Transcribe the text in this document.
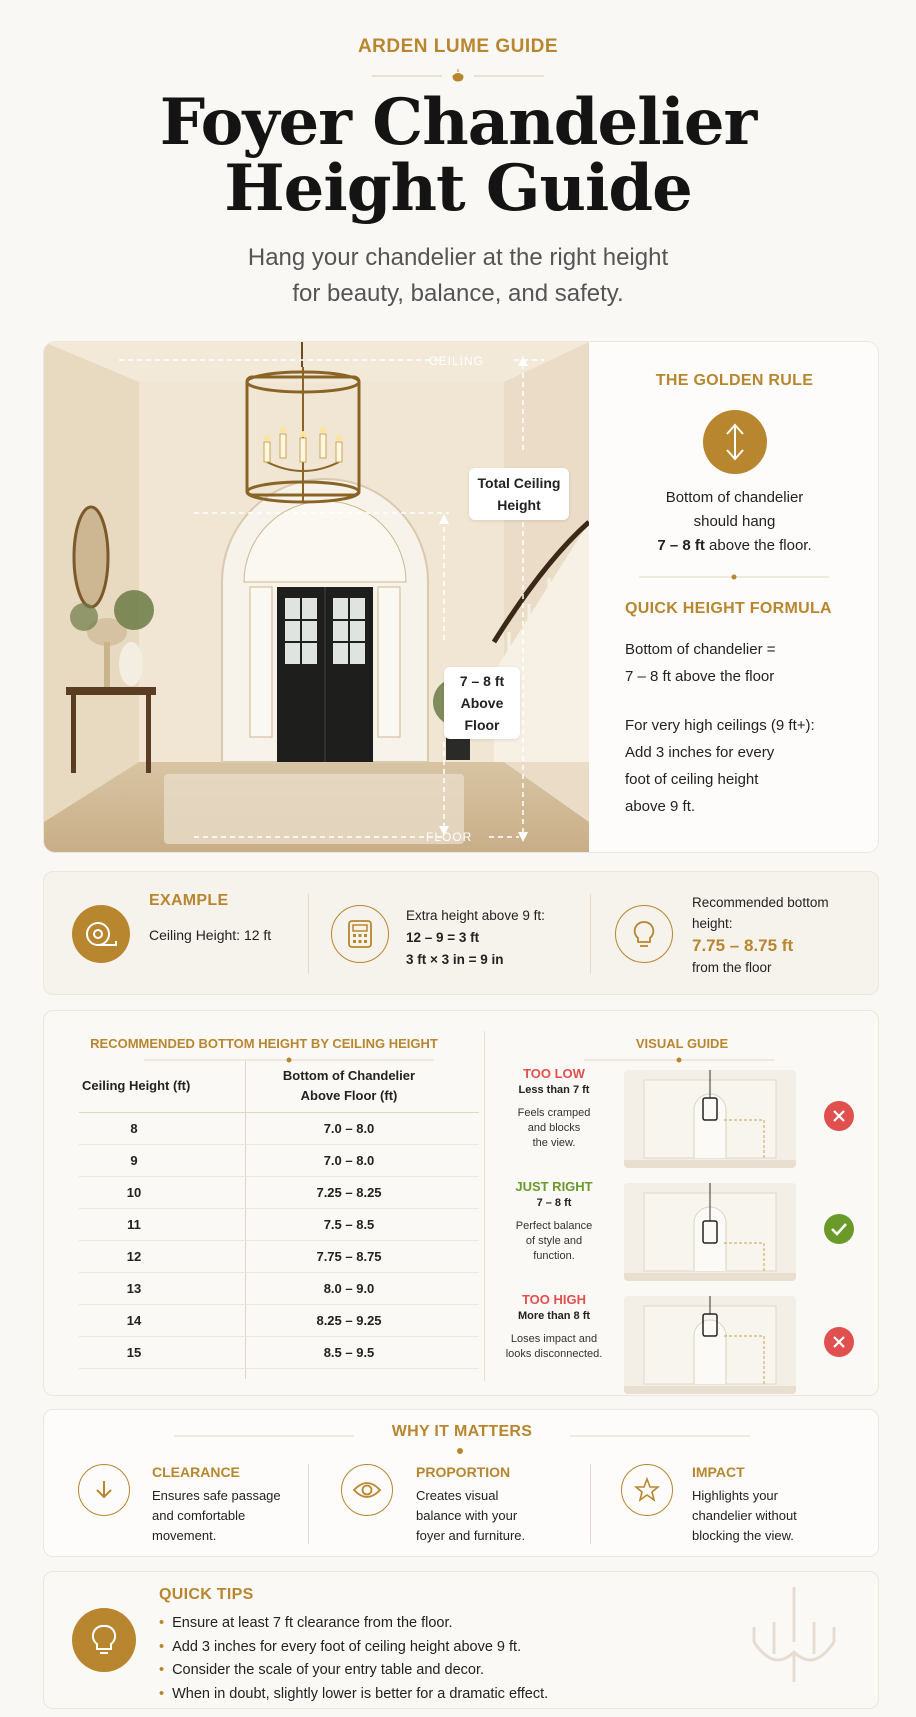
ARDEN LUME GUIDE
Foyer Chandelier
Height Guide
Hang your chandelier at the right height
for beauty, balance, and safety.
CEILING
FLOOR
Total Ceiling
Height
7 – 8 ft
Above
Floor
THE GOLDEN RULE
Bottom of chandelier
should hang
7 – 8 ft above the floor.
QUICK HEIGHT FORMULA
Bottom of chandelier =
7 – 8 ft above the floor
For very high ceilings (9 ft+):
Add 3 inches for every
foot of ceiling height
above 9 ft.
EXAMPLE
Ceiling Height: 12 ft
Extra height above 9 ft:
12 – 9 = 3 ft
3 ft × 3 in = 9 in
Recommended bottom
height:
7.75 – 8.75 ft
from the floor
RECOMMENDED BOTTOM HEIGHT BY CEILING HEIGHT	VISUAL GUIDE
Ceiling Height (ft)
Bottom of Chandelier
Above Floor (ft)
8	7.0 – 8.0
9	7.0 – 8.0
10	7.25 – 8.25
11	7.5 – 8.5
12	7.75 – 8.75
13	8.0 – 9.0
14	8.25 – 9.25
15	8.5 – 9.5
TOO LOW
Less than 7 ft
Feels cramped
and blocks
the view.
JUST RIGHT
7 – 8 ft
Perfect balance
of style and
function.
TOO HIGH
More than 8 ft
Loses impact and
looks disconnected.
WHY IT MATTERS
CLEARANCE
Ensures safe passage
and comfortable
movement.
PROPORTION
Creates visual
balance with your
foyer and furniture.
IMPACT
Highlights your
chandelier without
blocking the view.
QUICK TIPS
• Ensure at least 7 ft clearance from the floor.
• Add 3 inches for every foot of ceiling height above 9 ft.
• Consider the scale of your entry table and decor.
• When in doubt, slightly lower is better for a dramatic effect.
